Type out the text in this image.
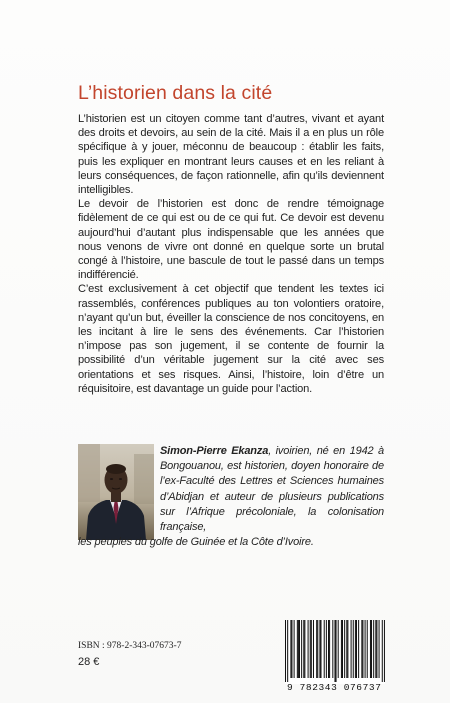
L’historien dans la cité

L’historien est un citoyen comme tant d’autres, vivant et ayant des droits et devoirs, au sein de la cité. Mais il a en plus un rôle spécifique à y jouer, méconnu de beaucoup : établir les faits, puis les expliquer en montrant leurs causes et en les reliant à leurs conséquences, de façon rationnelle, afin qu’ils deviennent intelligibles.

Le devoir de l’historien est donc de rendre témoignage fidèlement de ce qui est ou de ce qui fut. Ce devoir est devenu aujourd’hui d’autant plus indispensable que les années que nous venons de vivre ont donné en quelque sorte un brutal congé à l’histoire, une bascule de tout le passé dans un temps indifférencié.

C’est exclusivement à cet objectif que tendent les textes ici rassemblés, conférences publiques au ton volontiers oratoire, n’ayant qu’un but, éveiller la conscience de nos concitoyens, en les incitant à lire le sens des événements. Car l’historien n’impose pas son jugement, il se contente de fournir la possibilité d’un véritable jugement sur la cité avec ses orientations et ses risques. Ainsi, l’histoire, loin d’être un réquisitoire, est davantage un guide pour l’action.

Simon-Pierre Ekanza, ivoirien, né en 1942 à Bongouanou, est historien, doyen honoraire de l’ex-Faculté des Lettres et Sciences humaines d’Abidjan et auteur de plusieurs publications sur l’Afrique précoloniale, la colonisation française,
les peuples du golfe de Guinée et la Côte d’Ivoire.
ISBN : 978-2-343-07673-7
28 €
9 782343 076737
